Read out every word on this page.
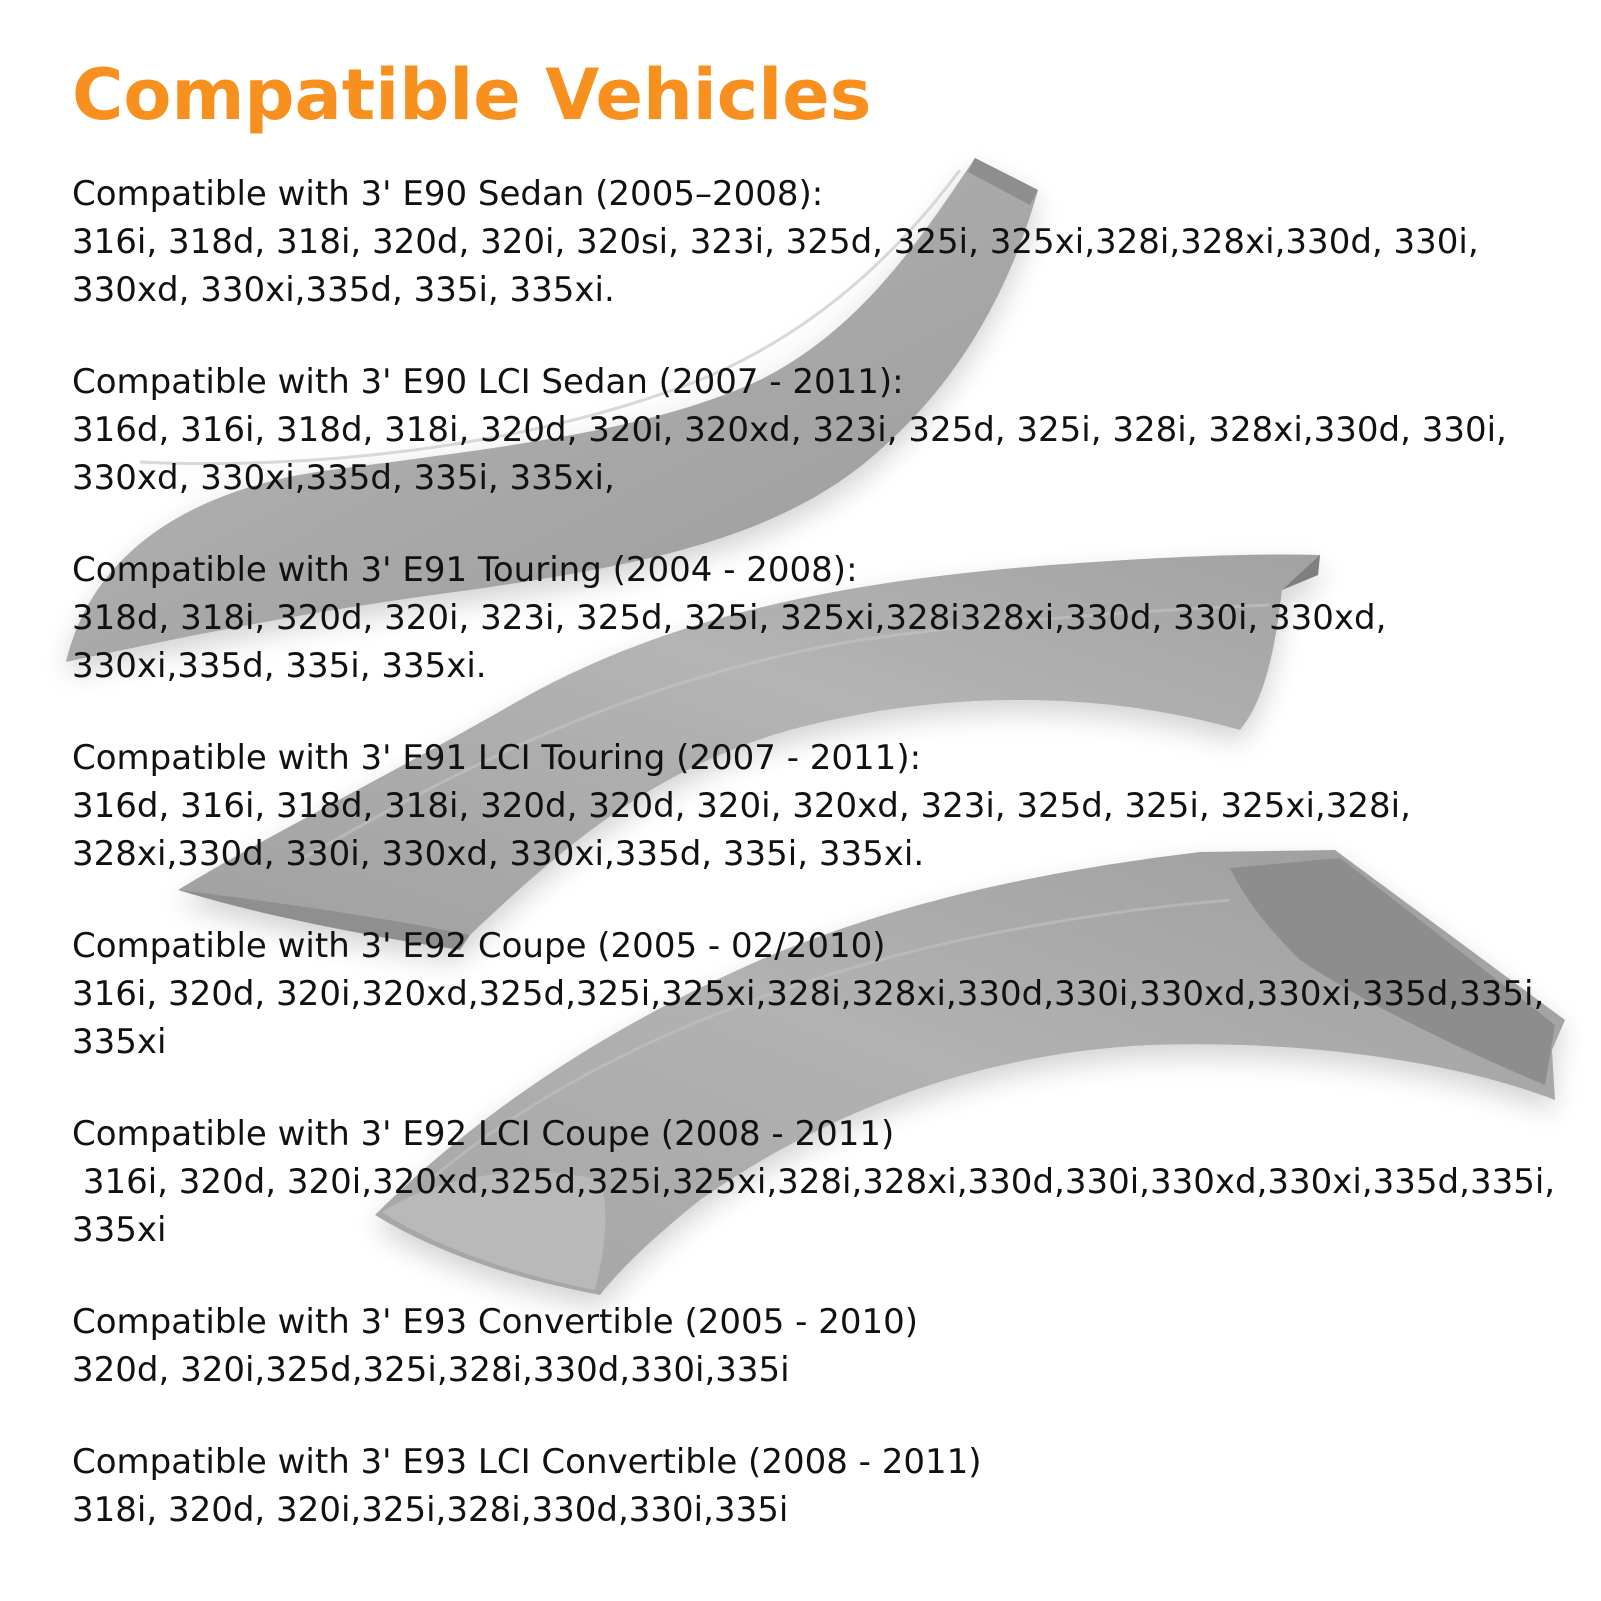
Compatible Vehicles
Compatible with 3' E90 Sedan (2005–2008):
316i, 318d, 318i, 320d, 320i, 320si, 323i, 325d, 325i, 325xi,328i,328xi,330d, 330i, 330xd, 330xi,335d, 335i, 335xi.
Compatible with 3' E90 LCI Sedan (2007 - 2011):
316d, 316i, 318d, 318i, 320d, 320i, 320xd, 323i, 325d, 325i, 328i, 328xi,330d, 330i, 330xd, 330xi,335d, 335i, 335xi,
Compatible with 3' E91 Touring (2004 - 2008):
318d, 318i, 320d, 320i, 323i, 325d, 325i, 325xi,328i328xi,330d, 330i, 330xd, 330xi,335d, 335i, 335xi.
Compatible with 3' E91 LCI Touring (2007 - 2011):
316d, 316i, 318d, 318i, 320d, 320d, 320i, 320xd, 323i, 325d, 325i, 325xi,328i, 328xi,330d, 330i, 330xd, 330xi,335d, 335i, 335xi.
Compatible with 3' E92 Coupe (2005 - 02/2010)
316i, 320d, 320i,320xd,325d,325i,325xi,328i,328xi,330d,330i,330xd,330xi,335d,335i, 335xi
Compatible with 3' E92 LCI Coupe (2008 - 2011)
316i, 320d, 320i,320xd,325d,325i,325xi,328i,328xi,330d,330i,330xd,330xi,335d,335i, 335xi
Compatible with 3' E93 Convertible (2005 - 2010)
320d, 320i,325d,325i,328i,330d,330i,335i
Compatible with 3' E93 LCI Convertible (2008 - 2011)
318i, 320d, 320i,325i,328i,330d,330i,335i
